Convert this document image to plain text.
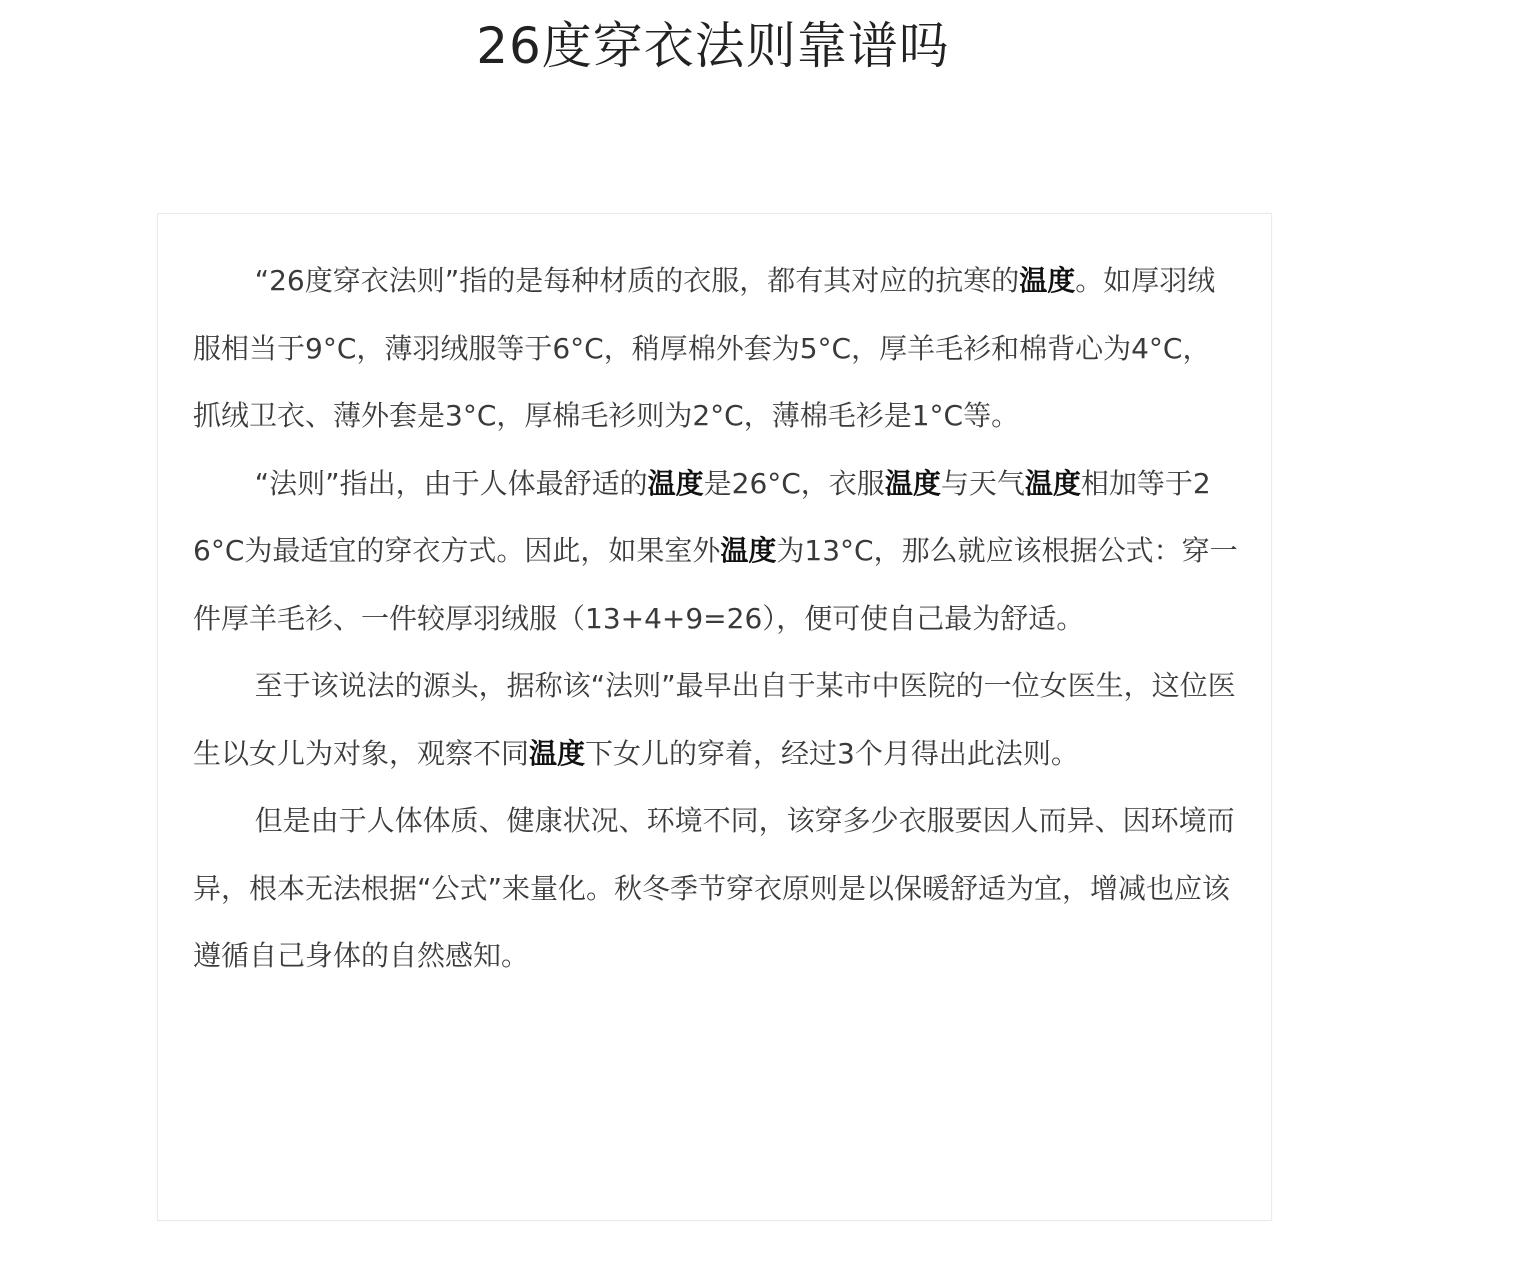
26度穿衣法则靠谱吗

“26度穿衣法则”指的是每种材质的衣服，都有其对应的抗寒的温度。如厚羽绒服相当于9°C，薄羽绒服等于6°C，稍厚棉外套为5°C，厚羊毛衫和棉背心为4°C，抓绒卫衣、薄外套是3°C，厚棉毛衫则为2°C，薄棉毛衫是1°C等。

“法则”指出，由于人体最舒适的温度是26°C，衣服温度与天气温度相加等于26°C为最适宜的穿衣方式。因此，如果室外温度为13°C，那么就应该根据公式：穿一件厚羊毛衫、一件较厚羽绒服（13+4+9=26），便可使自己最为舒适。

至于该说法的源头，据称该“法则”最早出自于某市中医院的一位女医生，这位医生以女儿为对象，观察不同温度下女儿的穿着，经过3个月得出此法则。

但是由于人体体质、健康状况、环境不同，该穿多少衣服要因人而异、因环境而异，根本无法根据“公式”来量化。秋冬季节穿衣原则是以保暖舒适为宜，增减也应该遵循自己身体的自然感知。
